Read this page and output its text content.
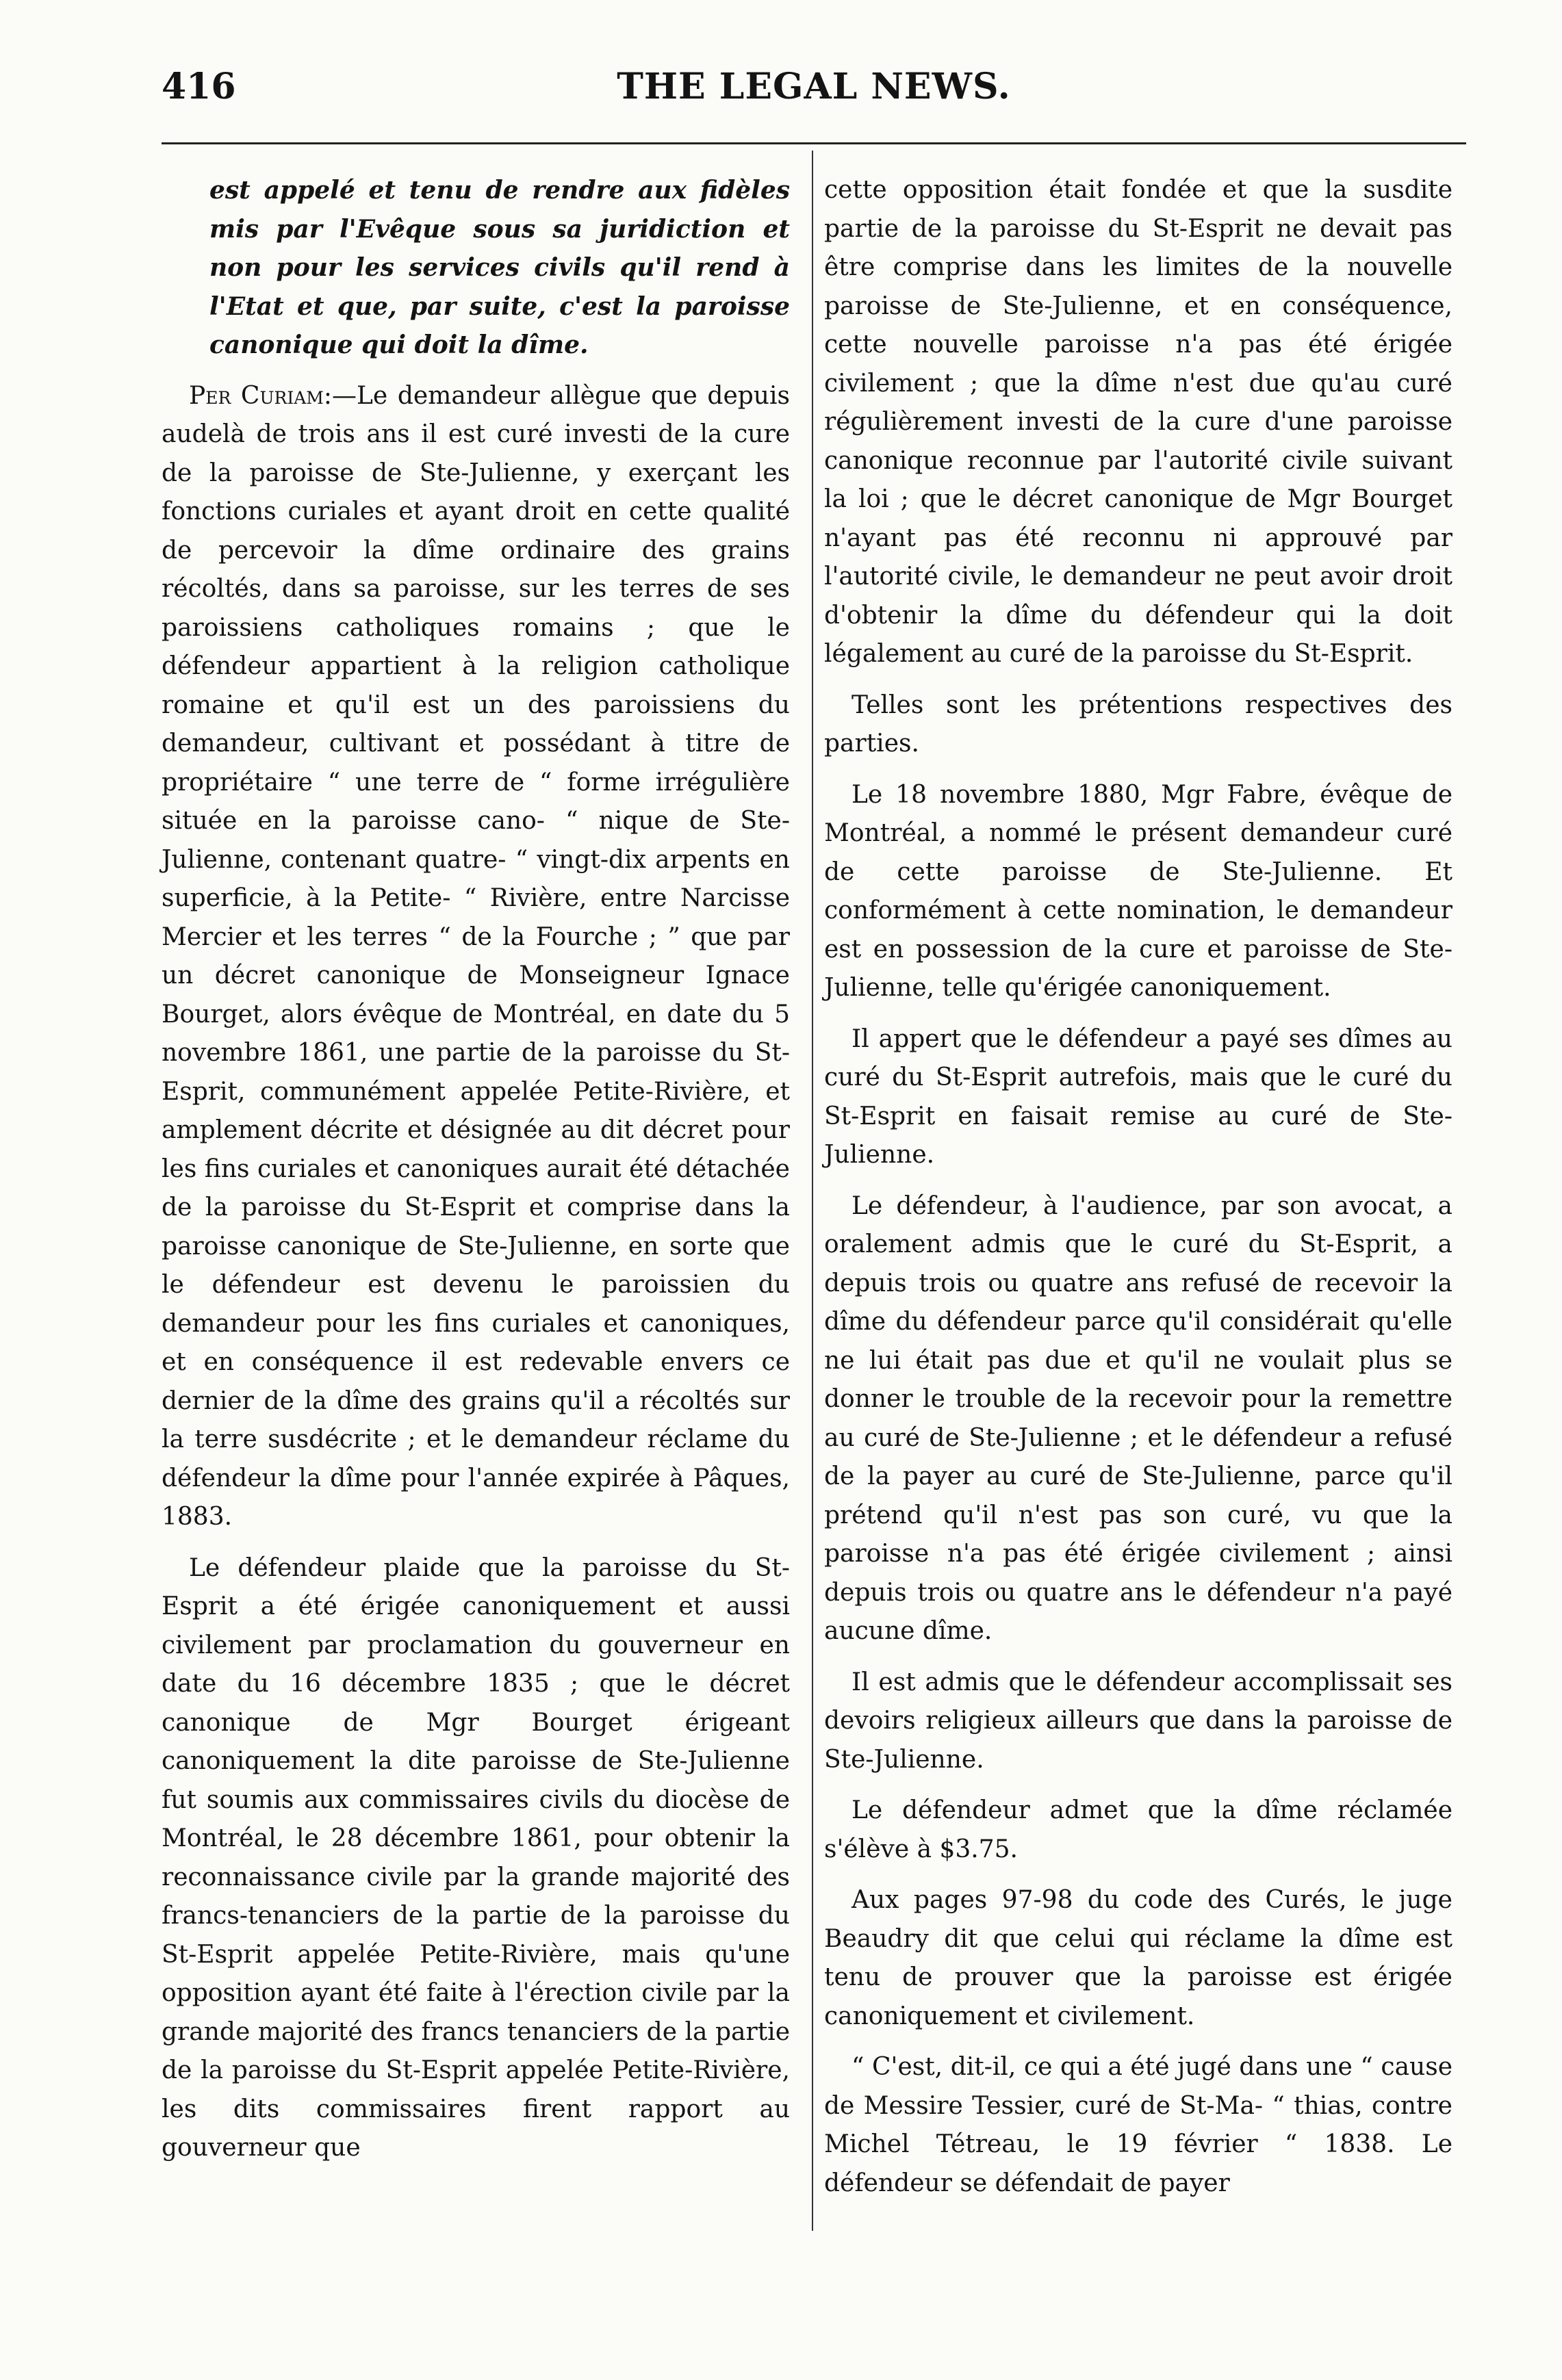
416	THE LEGAL NEWS.

est appelé et tenu de rendre aux fidèles mis par l'Evêque sous sa juridiction et non pour les services civils qu'il rend à l'Etat et que, par suite, c'est la paroisse canonique qui doit la dîme.

Per Curiam:—Le demandeur allègue que depuis audelà de trois ans il est curé investi de la cure de la paroisse de Ste-Julienne, y exerçant les fonctions curiales et ayant droit en cette qualité de percevoir la dîme ordinaire des grains récoltés, dans sa paroisse, sur les terres de ses paroissiens catholiques romains ; que le défendeur appartient à la religion catholique romaine et qu'il est un des paroissiens du demandeur, cultivant et possédant à titre de propriétaire “ une terre de “ forme irrégulière située en la paroisse cano- “ nique de Ste-Julienne, contenant quatre- “ vingt-dix arpents en superficie, à la Petite- “ Rivière, entre Narcisse Mercier et les terres “ de la Fourche ; ” que par un décret canonique de Monseigneur Ignace Bourget, alors évêque de Montréal, en date du 5 novembre 1861, une partie de la paroisse du St-Esprit, communément appelée Petite-Rivière, et amplement décrite et désignée au dit décret pour les fins curiales et canoniques aurait été détachée de la paroisse du St-Esprit et comprise dans la paroisse canonique de Ste-Julienne, en sorte que le défendeur est devenu le paroissien du demandeur pour les fins curiales et canoniques, et en conséquence il est redevable envers ce dernier de la dîme des grains qu'il a récoltés sur la terre susdécrite ; et le demandeur réclame du défendeur la dîme pour l'année expirée à Pâques, 1883.

Le défendeur plaide que la paroisse du St-Esprit a été érigée canoniquement et aussi civilement par proclamation du gouverneur en date du 16 décembre 1835 ; que le décret canonique de Mgr Bourget érigeant canoniquement la dite paroisse de Ste-Julienne fut soumis aux commissaires civils du diocèse de Montréal, le 28 décembre 1861, pour obtenir la reconnaissance civile par la grande majorité des francs-tenanciers de la partie de la paroisse du St-Esprit appelée Petite-Rivière, mais qu'une opposition ayant été faite à l'érection civile par la grande majorité des francs tenanciers de la partie de la paroisse du St-Esprit appelée Petite-Rivière, les dits commissaires firent rapport au gouverneur que

cette opposition était fondée et que la susdite partie de la paroisse du St-Esprit ne devait pas être comprise dans les limites de la nouvelle paroisse de Ste-Julienne, et en conséquence, cette nouvelle paroisse n'a pas été érigée civilement ; que la dîme n'est due qu'au curé régulièrement investi de la cure d'une paroisse canonique reconnue par l'autorité civile suivant la loi ; que le décret canonique de Mgr Bourget n'ayant pas été reconnu ni approuvé par l'autorité civile, le demandeur ne peut avoir droit d'obtenir la dîme du défendeur qui la doit légalement au curé de la paroisse du St-Esprit.

Telles sont les prétentions respectives des parties.

Le 18 novembre 1880, Mgr Fabre, évêque de Montréal, a nommé le présent demandeur curé de cette paroisse de Ste-Julienne. Et conformément à cette nomination, le demandeur est en possession de la cure et paroisse de Ste-Julienne, telle qu'érigée canoniquement.

Il appert que le défendeur a payé ses dîmes au curé du St-Esprit autrefois, mais que le curé du St-Esprit en faisait remise au curé de Ste-Julienne.

Le défendeur, à l'audience, par son avocat, a oralement admis que le curé du St-Esprit, a depuis trois ou quatre ans refusé de recevoir la dîme du défendeur parce qu'il considérait qu'elle ne lui était pas due et qu'il ne voulait plus se donner le trouble de la recevoir pour la remettre au curé de Ste-Julienne ; et le défendeur a refusé de la payer au curé de Ste-Julienne, parce qu'il prétend qu'il n'est pas son curé, vu que la paroisse n'a pas été érigée civilement ; ainsi depuis trois ou quatre ans le défendeur n'a payé aucune dîme.

Il est admis que le défendeur accomplissait ses devoirs religieux ailleurs que dans la paroisse de Ste-Julienne.

Le défendeur admet que la dîme réclamée s'élève à $3.75.

Aux pages 97-98 du code des Curés, le juge Beaudry dit que celui qui réclame la dîme est tenu de prouver que la paroisse est érigée canoniquement et civilement.

“ C'est, dit-il, ce qui a été jugé dans une “ cause de Messire Tessier, curé de St-Ma- “ thias, contre Michel Tétreau, le 19 février “ 1838. Le défendeur se défendait de payer
